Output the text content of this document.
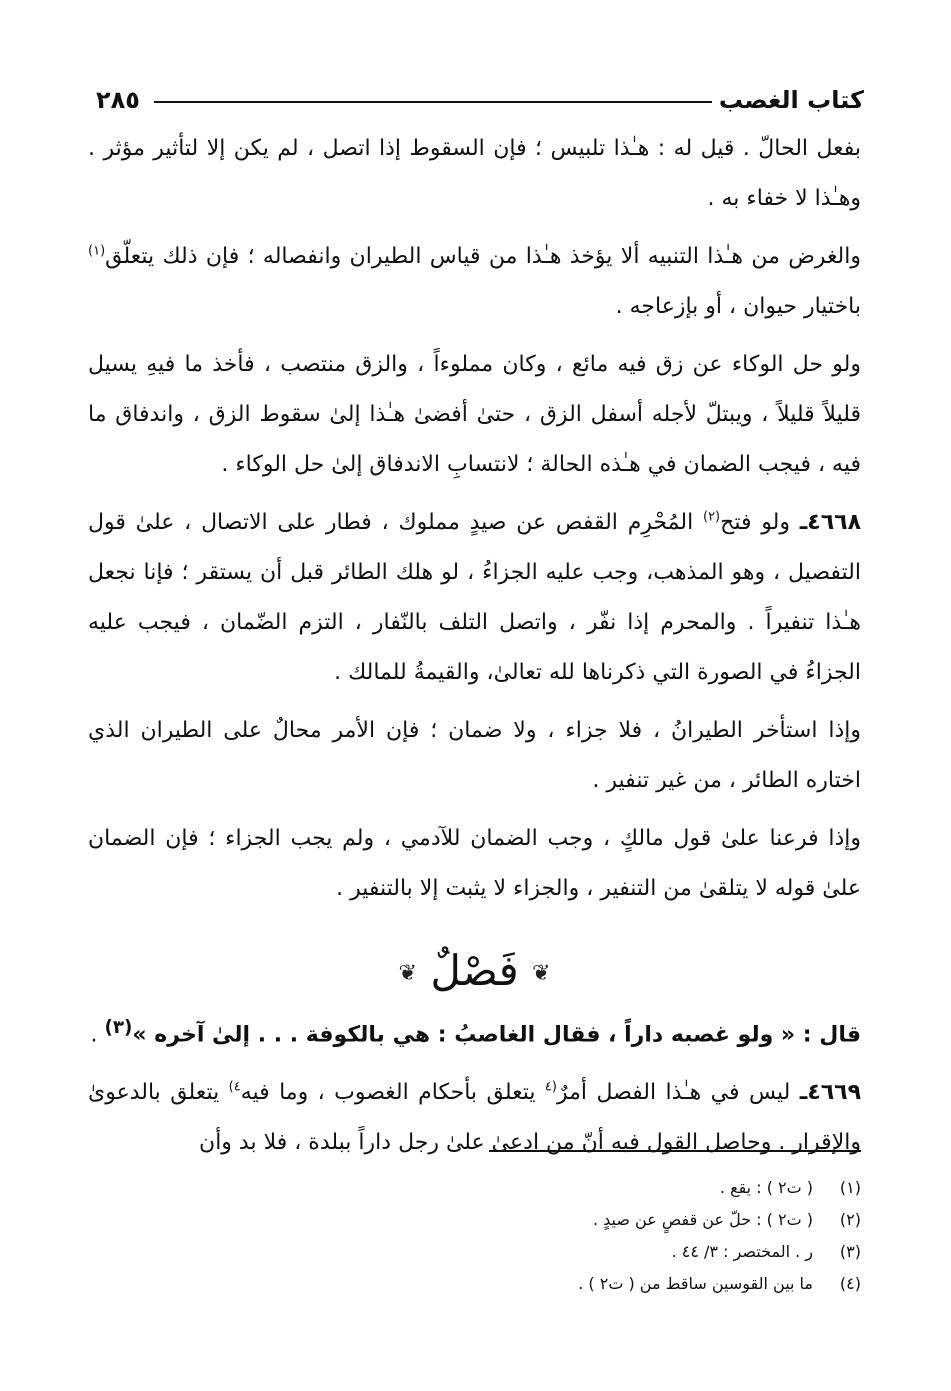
كتاب الغصب
٢٨٥

بفعل الحالّ . قيل له : هـٰذا تلبيس ؛ فإن السقوط إذا اتصل ، لم يكن إلا لتأثير مؤثر . وهـٰذا لا خفاء به .

والغرض من هـٰذا التنبيه ألا يؤخذ هـٰذا من قياس الطيران وانفصاله ؛ فإن ذلك يتعلّق$^{(١)}$ باختيار حيوان ، أو بإزعاجه .

ولو حل الوكاء عن زق فيه مائع ، وكان مملوءاً ، والزق منتصب ، فأخذ ما فيهِ يسيل قليلاً قليلاً ، ويبتلّ لأجله أسفل الزق ، حتىٰ أفضىٰ هـٰذا إلىٰ سقوط الزق ، واندفاق ما فيه ، فيجب الضمان في هـٰذه الحالة ؛ لانتسابِ الاندفاق إلىٰ حل الوكاء .

٤٦٦٨ـ ولو فتح$^{(٢)}$ المُحْرِم القفص عن صيدٍ مملوك ، فطار على الاتصال ، علىٰ قول التفصيل ، وهو المذهب، وجب عليه الجزاءُ ، لو هلك الطائر قبل أن يستقر ؛ فإنا نجعل هـٰذا تنفيراً . والمحرم إذا نفّر ، واتصل التلف بالنّفار ، التزم الضّمان ، فيجب عليه الجزاءُ في الصورة التي ذكرناها لله تعالىٰ، والقيمةُ للمالك .

وإذا استأخر الطيرانُ ، فلا جزاء ، ولا ضمان ؛ فإن الأمر محالٌ على الطيران الذي اختاره الطائر ، من غير تنفير .

وإذا فرعنا علىٰ قول مالكٍ ، وجب الضمان للآدمي ، ولم يجب الجزاء ؛ فإن الضمان علىٰ قوله لا يتلقىٰ من التنفير ، والجزاء لا يثبت إلا بالتنفير .

❦ فَصْلٌ ❦

قال : « ولو غصبه داراً ، فقال الغاصبُ : هي بالكوفة . . . إلىٰ آخره »$^{(٣)}$ .

٤٦٦٩ـ ليس في هـٰذا الفصل أمرٌ$^{(٤}$ يتعلق بأحكام الغصوب ، وما فيه$^{٤)}$ يتعلق بالدعوىٰ والإقرار . وحاصل القول فيه أنّ من ادعىٰ علىٰ رجل داراً ببلدة ، فلا بد وأن

(١)
( ت٢ ) : يقع .
(٢)
( ت٢ ) : حلّ عن قفصٍ عن صيدٍ .
(٣)
ر . المختصر : ٣/ ٤٤ .
(٤)
ما بين القوسين ساقط من ( ت٢ ) .
